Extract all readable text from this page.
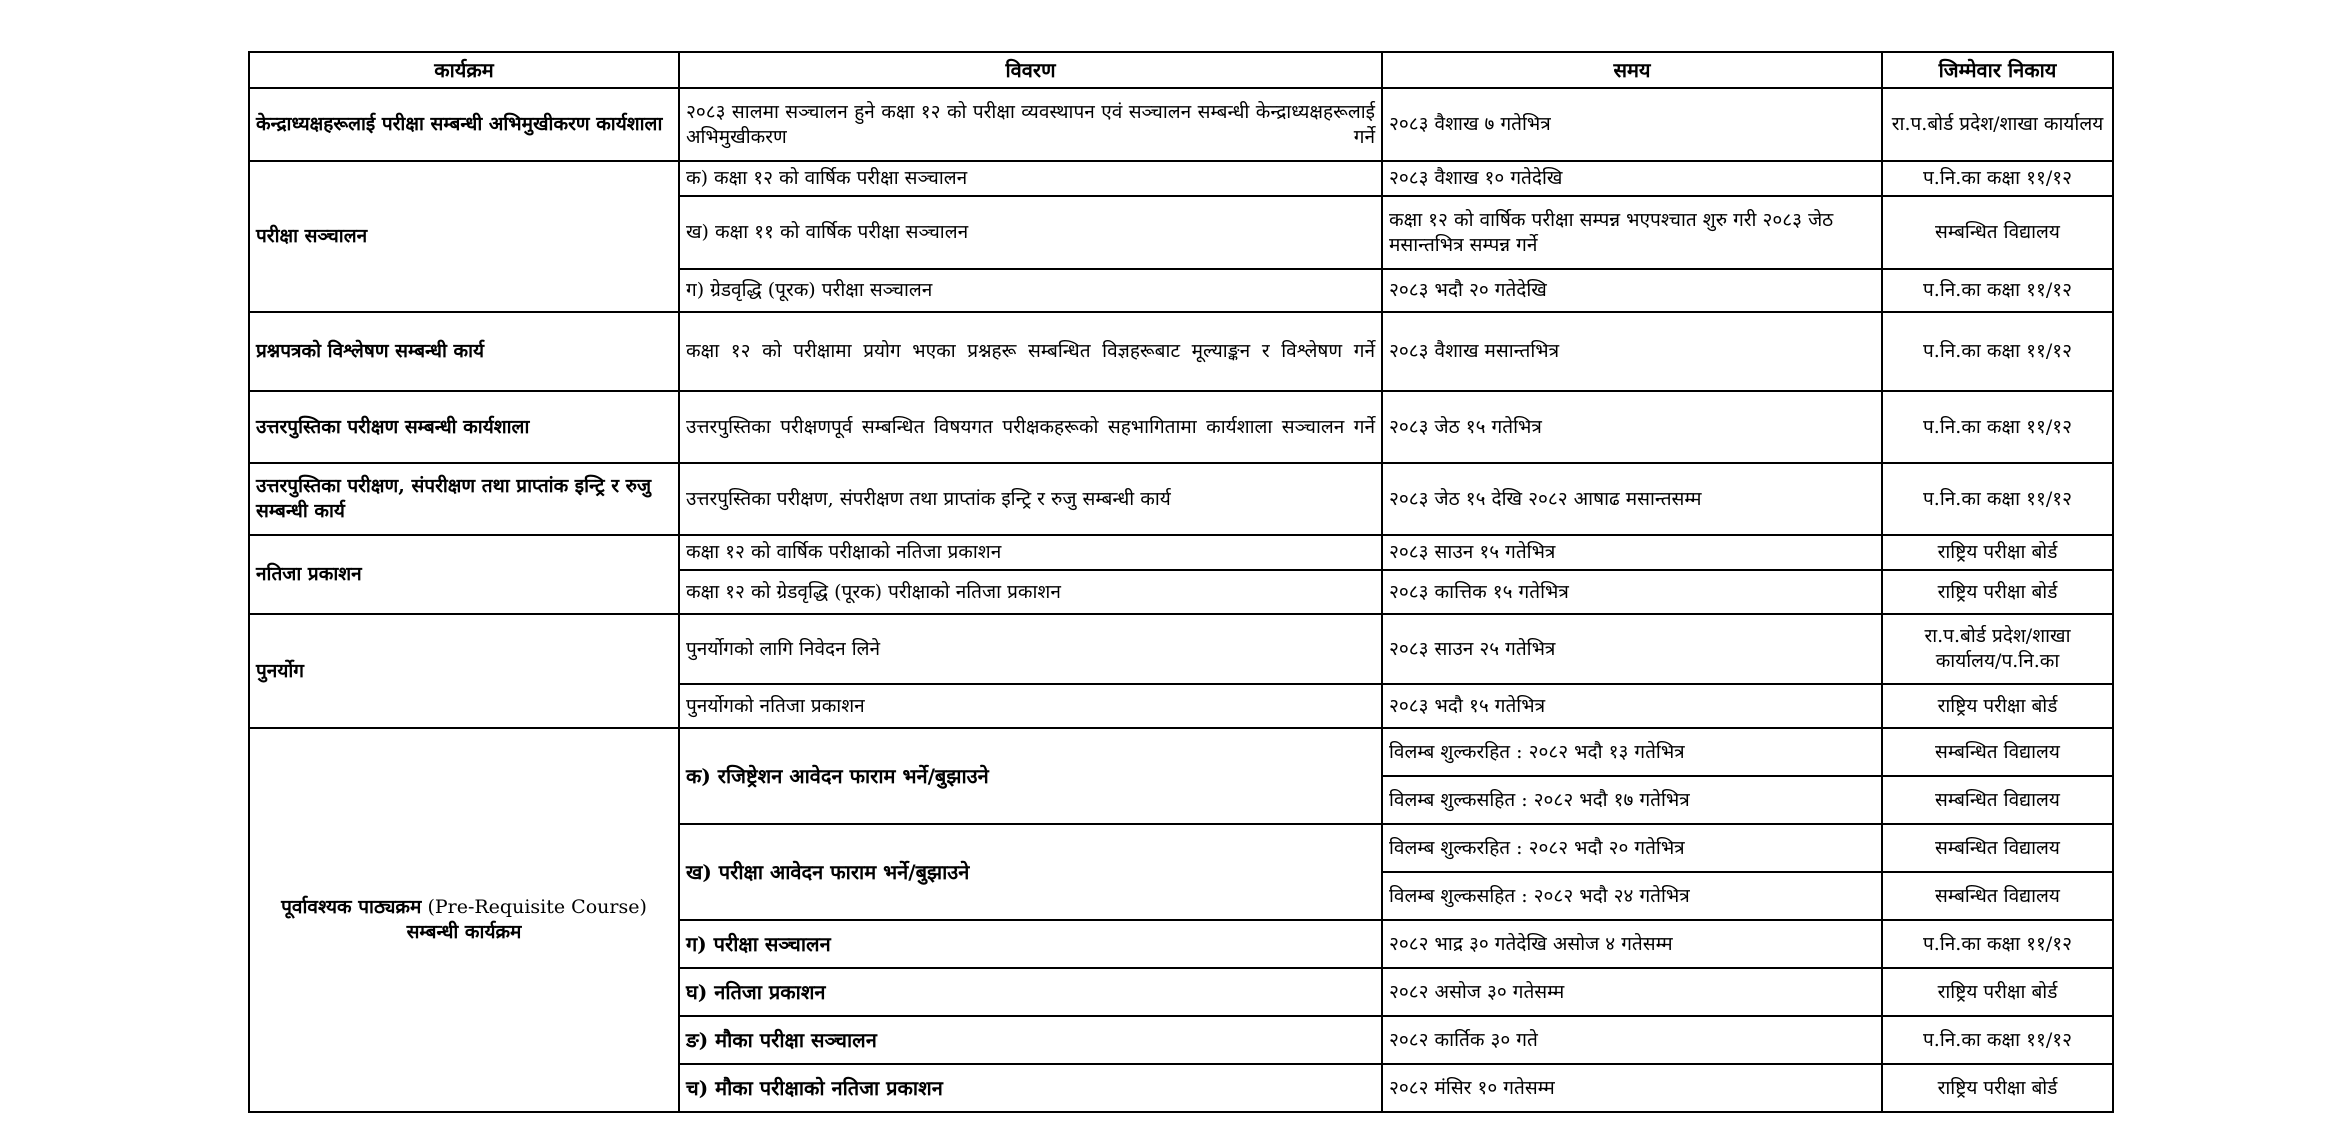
कार्यक्रम	विवरण	समय	जिम्मेवार निकाय
केन्द्राध्यक्षहरूलाई परीक्षा सम्बन्धी अभिमुखीकरण कार्यशाला	२०८३ सालमा सञ्चालन हुने कक्षा १२ को परीक्षा व्यवस्थापन एवं सञ्चालन सम्बन्धी केन्द्राध्यक्षहरूलाई अभिमुखीकरण गर्ने	२०८३ वैशाख ७ गतेभित्र	रा.प.बोर्ड प्रदेश/शाखा कार्यालय
परीक्षा सञ्चालन	क) कक्षा १२ को वार्षिक परीक्षा सञ्चालन	२०८३ वैशाख १० गतेदेखि	प.नि.का कक्षा ११/१२
	ख) कक्षा ११ को वार्षिक परीक्षा सञ्चालन	कक्षा १२ को वार्षिक परीक्षा सम्पन्न भएपश्चात शुरु गरी २०८३ जेठ मसान्तभित्र सम्पन्न गर्ने	सम्बन्धित विद्यालय
	ग) ग्रेडवृद्धि (पूरक) परीक्षा सञ्चालन	२०८३ भदौ २० गतेदेखि	प.नि.का कक्षा ११/१२
प्रश्नपत्रको विश्लेषण सम्बन्धी कार्य	कक्षा १२ को परीक्षामा प्रयोग भएका प्रश्नहरू सम्बन्धित विज्ञहरूबाट मूल्याङ्कन र विश्लेषण गर्ने	२०८३ वैशाख मसान्तभित्र	प.नि.का कक्षा ११/१२
उत्तरपुस्तिका परीक्षण सम्बन्धी कार्यशाला	उत्तरपुस्तिका परीक्षणपूर्व सम्बन्धित विषयगत परीक्षकहरूको सहभागितामा कार्यशाला सञ्चालन गर्ने	२०८३ जेठ १५ गतेभित्र	प.नि.का कक्षा ११/१२
उत्तरपुस्तिका परीक्षण, संपरीक्षण तथा प्राप्तांक इन्ट्रि र रुजु सम्बन्धी कार्य	उत्तरपुस्तिका परीक्षण, संपरीक्षण तथा प्राप्तांक इन्ट्रि र रुजु सम्बन्धी कार्य	२०८३ जेठ १५ देखि २०८२ आषाढ मसान्तसम्म	प.नि.का कक्षा ११/१२
नतिजा प्रकाशन	कक्षा १२ को वार्षिक परीक्षाको नतिजा प्रकाशन	२०८३ साउन १५ गतेभित्र	राष्ट्रिय परीक्षा बोर्ड
	कक्षा १२ को ग्रेडवृद्धि (पूरक) परीक्षाको नतिजा प्रकाशन	२०८३ कात्तिक १५ गतेभित्र	राष्ट्रिय परीक्षा बोर्ड
पुनर्योग	पुनर्योगको लागि निवेदन लिने	२०८३ साउन २५ गतेभित्र	रा.प.बोर्ड प्रदेश/शाखा कार्यालय/प.नि.का
	पुनर्योगको नतिजा प्रकाशन	२०८३ भदौ १५ गतेभित्र	राष्ट्रिय परीक्षा बोर्ड
पूर्वावश्यक पाठ्यक्रम (Pre-Requisite Course) सम्बन्धी कार्यक्रम	क) रजिष्ट्रेशन आवेदन फाराम भर्ने/बुझाउने	विलम्ब शुल्करहित : २०८२ भदौ १३ गतेभित्र	सम्बन्धित विद्यालय
		विलम्ब शुल्कसहित : २०८२ भदौ १७ गतेभित्र	सम्बन्धित विद्यालय
	ख) परीक्षा आवेदन फाराम भर्ने/बुझाउने	विलम्ब शुल्करहित : २०८२ भदौ २० गतेभित्र	सम्बन्धित विद्यालय
		विलम्ब शुल्कसहित : २०८२ भदौ २४ गतेभित्र	सम्बन्धित विद्यालय
	ग) परीक्षा सञ्चालन	२०८२ भाद्र ३० गतेदेखि असोज ४ गतेसम्म	प.नि.का कक्षा ११/१२
	घ) नतिजा प्रकाशन	२०८२ असोज ३० गतेसम्म	राष्ट्रिय परीक्षा बोर्ड
	ङ) मौका परीक्षा सञ्चालन	२०८२ कार्तिक ३० गते	प.नि.का कक्षा ११/१२
	च) मौका परीक्षाको नतिजा प्रकाशन	२०८२ मंसिर १० गतेसम्म	राष्ट्रिय परीक्षा बोर्ड
